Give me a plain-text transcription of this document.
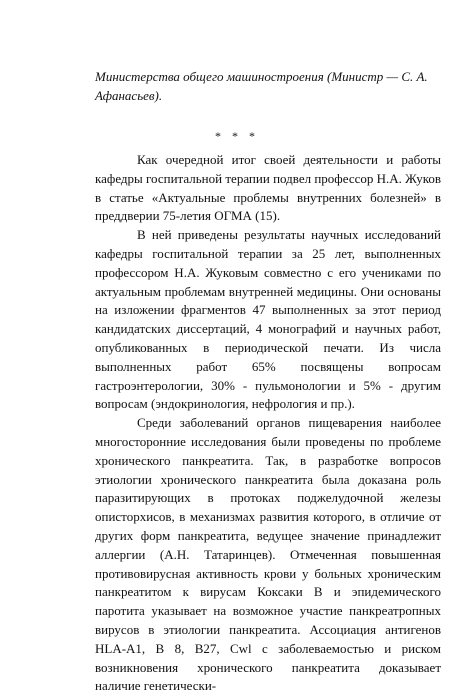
Министерства общего машиностроения (Министр — С. А. Афанасьев).
* * *

Как очередной итог своей деятельности и работы кафедры госпитальной терапии подвел профессор Н.А. Жуков в статье «Актуальные проблемы внутренних болезней» в преддверии 75-летия ОГМА (15).

В ней приведены результаты научных исследований кафедры госпитальной терапии за 25 лет, выполненных профессором Н.А. Жуковым совместно с его учениками по актуальным проблемам внутренней медицины. Они основаны на изложении фрагментов 47 выполненных за этот период кандидатских диссертаций, 4 монографий и научных работ, опубликованных в периодической печати. Из числа выполненных работ 65% посвящены вопросам гастроэнтерологии, 30% - пульмонологии и 5% - другим вопросам (эндокринология, нефрология и пр.).

Среди заболеваний органов пищеварения наиболее многосторонние исследования были проведены по проблеме хронического панкреатита. Так, в разработке вопросов этиологии хронического панкреатита была доказана роль паразитирующих в протоках поджелудочной железы описторхисов, в механизмах развития которого, в отличие от других форм панкреатита, ведущее значение принадлежит аллергии (А.Н. Татаринцев). Отмеченная повышенная противовирусная активность крови у больных хроническим панкреатитом к вирусам Коксаки В и эпидемического паротита указывает на возможное участие панкреатропных вирусов в этиологии панкреатита. Ассоциация антигенов HLA-A1, В 8, В27, Cwl с заболеваемостью и риском возникновения хронического панкреатита доказывает наличие генетически-
